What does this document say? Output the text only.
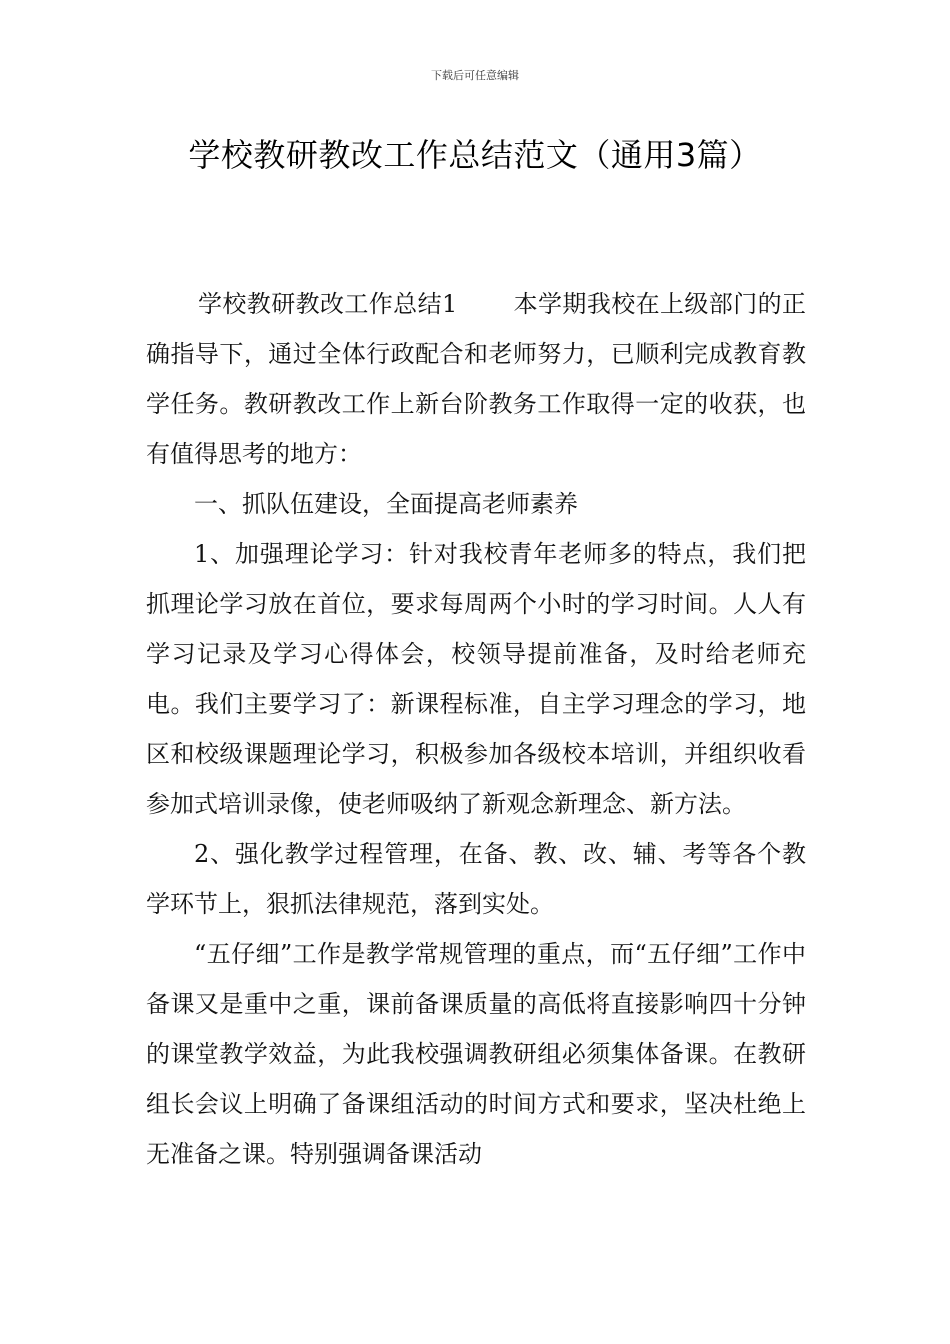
下载后可任意编辑
学校教研教改工作总结范文（通用3篇）

学校教研教改工作总结1 本学期我校在上级部门的正确指导下，通过全体行政配合和老师努力，已顺利完成教育教学任务。教研教改工作上新台阶教务工作取得一定的收获，也有值得思考的地方：

一、抓队伍建设，全面提高老师素养

1、加强理论学习：针对我校青年老师多的特点，我们把抓理论学习放在首位，要求每周两个小时的学习时间。人人有学习记录及学习心得体会，校领导提前准备，及时给老师充电。我们主要学习了：新课程标准，自主学习理念的学习，地区和校级课题理论学习，积极参加各级校本培训，并组织收看参加式培训录像，使老师吸纳了新观念新理念、新方法。

2、强化教学过程管理，在备、教、改、辅、考等各个教学环节上，狠抓法律规范，落到实处。

“五仔细”工作是教学常规管理的重点，而“五仔细”工作中备课又是重中之重，课前备课质量的高低将直接影响四十分钟的课堂教学效益，为此我校强调教研组必须集体备课。在教研组长会议上明确了备课组活动的时间方式和要求，坚决杜绝上无准备之课。特别强调备课活动
